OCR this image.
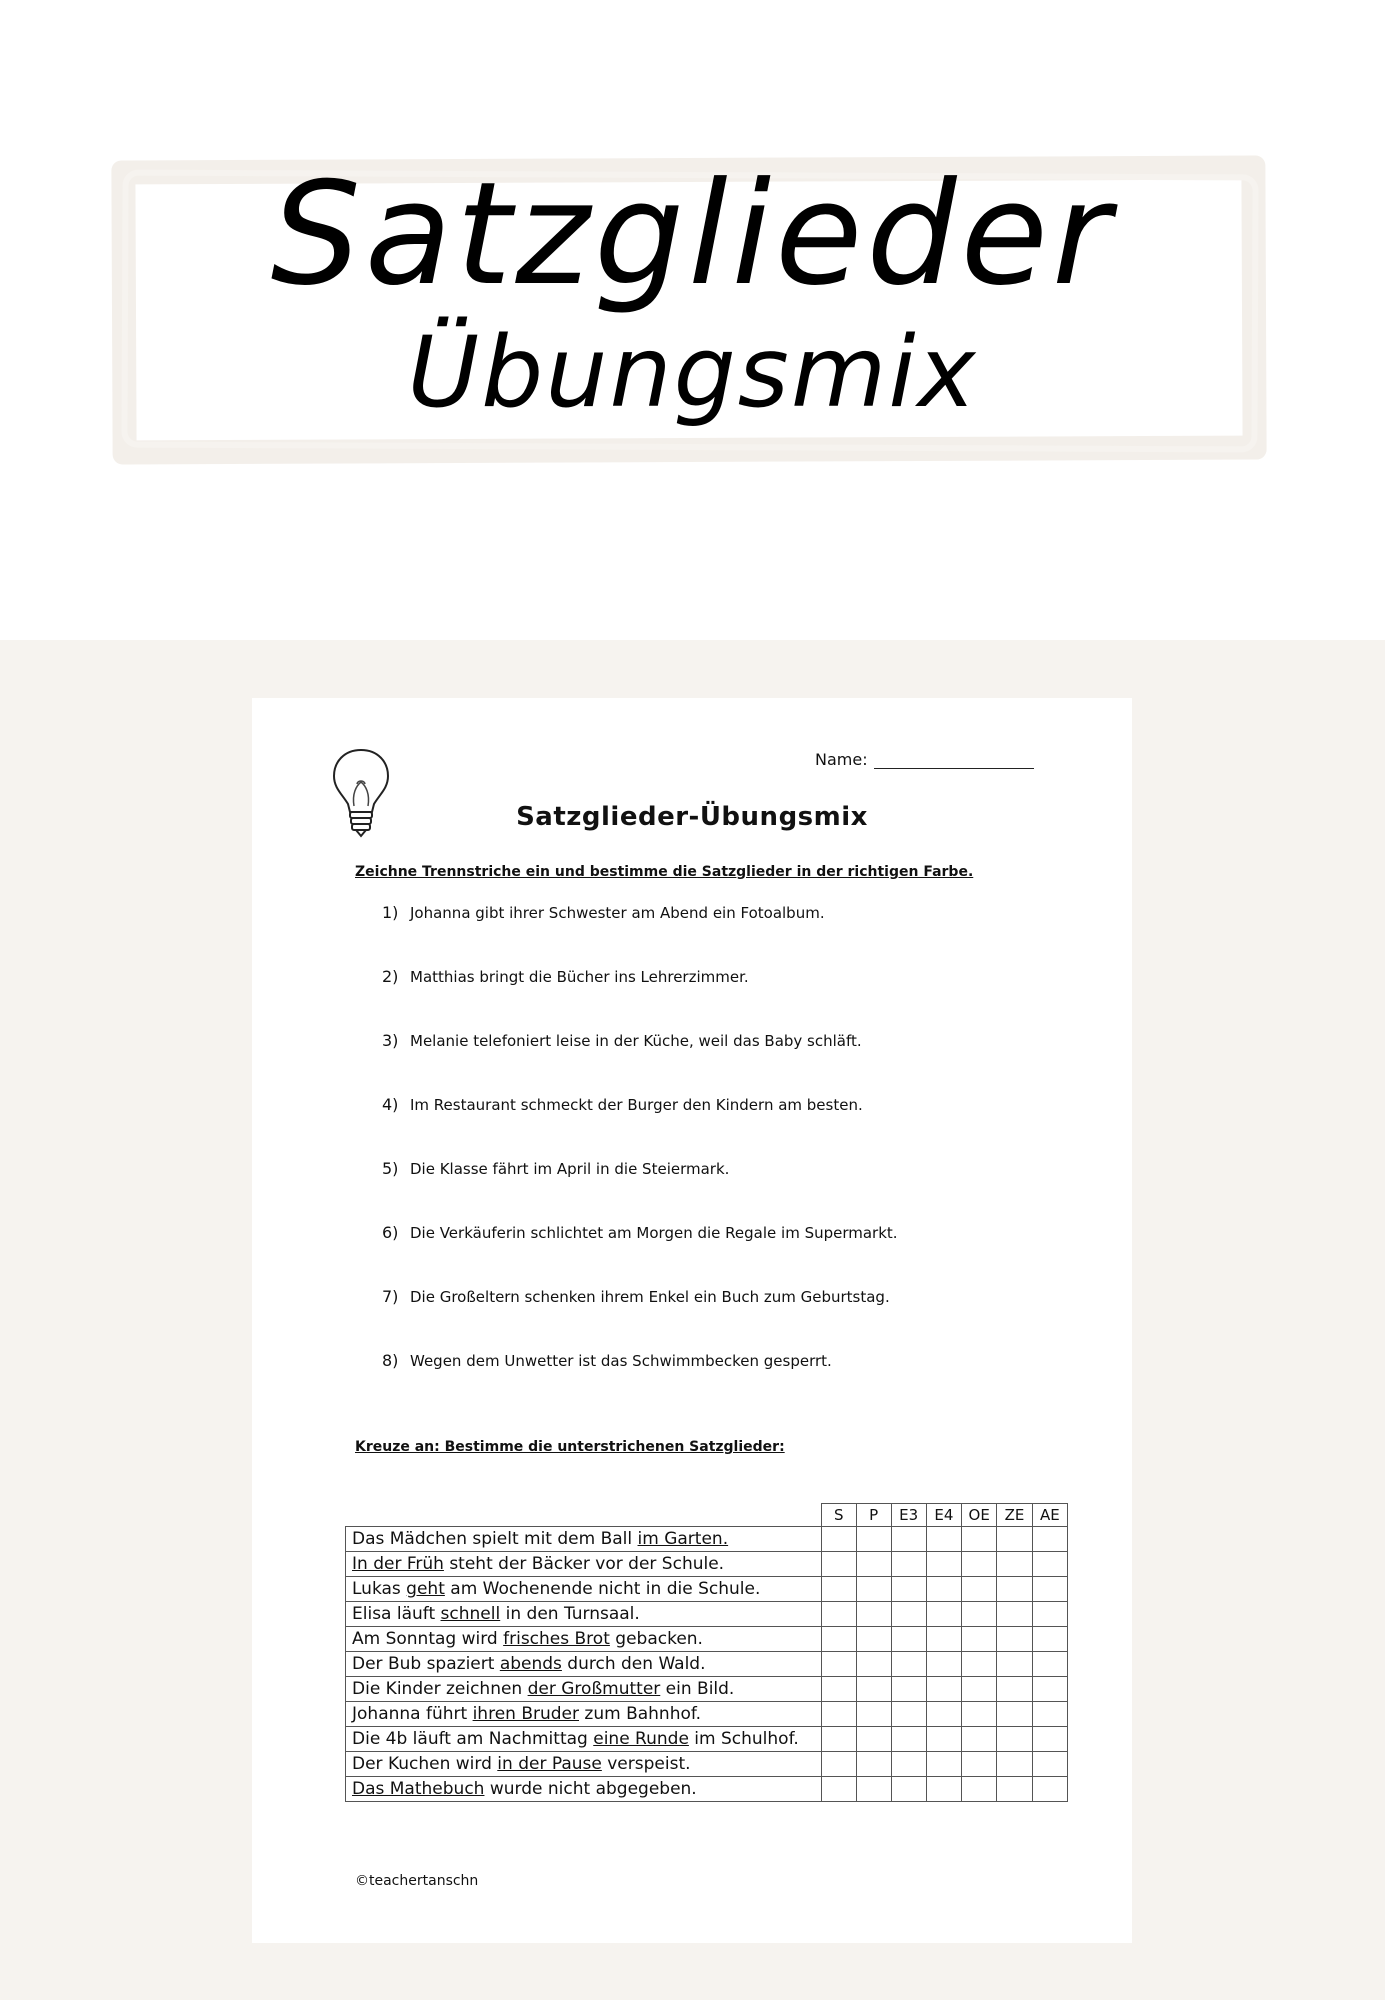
Satzglieder
Übungsmix
Name:
Satzglieder-Übungsmix
Zeichne Trennstriche ein und bestimme die Satzglieder in der richtigen Farbe.
1) Johanna gibt ihrer Schwester am Abend ein Fotoalbum.
2) Matthias bringt die Bücher ins Lehrerzimmer.
3) Melanie telefoniert leise in der Küche, weil das Baby schläft.
4) Im Restaurant schmeckt der Burger den Kindern am besten.
5) Die Klasse fährt im April in die Steiermark.
6) Die Verkäuferin schlichtet am Morgen die Regale im Supermarkt.
7) Die Großeltern schenken ihrem Enkel ein Buch zum Geburtstag.
8) Wegen dem Unwetter ist das Schwimmbecken gesperrt.
Kreuze an: Bestimme die unterstrichenen Satzglieder:
	S	P	E3	E4	OE	ZE	AE
Das Mädchen spielt mit dem Ball im Garten.							
In der Früh steht der Bäcker vor der Schule.							
Lukas geht am Wochenende nicht in die Schule.							
Elisa läuft schnell in den Turnsaal.							
Am Sonntag wird frisches Brot gebacken.							
Der Bub spaziert abends durch den Wald.							
Die Kinder zeichnen der Großmutter ein Bild.							
Johanna führt ihren Bruder zum Bahnhof.							
Die 4b läuft am Nachmittag eine Runde im Schulhof.							
Der Kuchen wird in der Pause verspeist.							
Das Mathebuch wurde nicht abgegeben.							
©teachertanschn
